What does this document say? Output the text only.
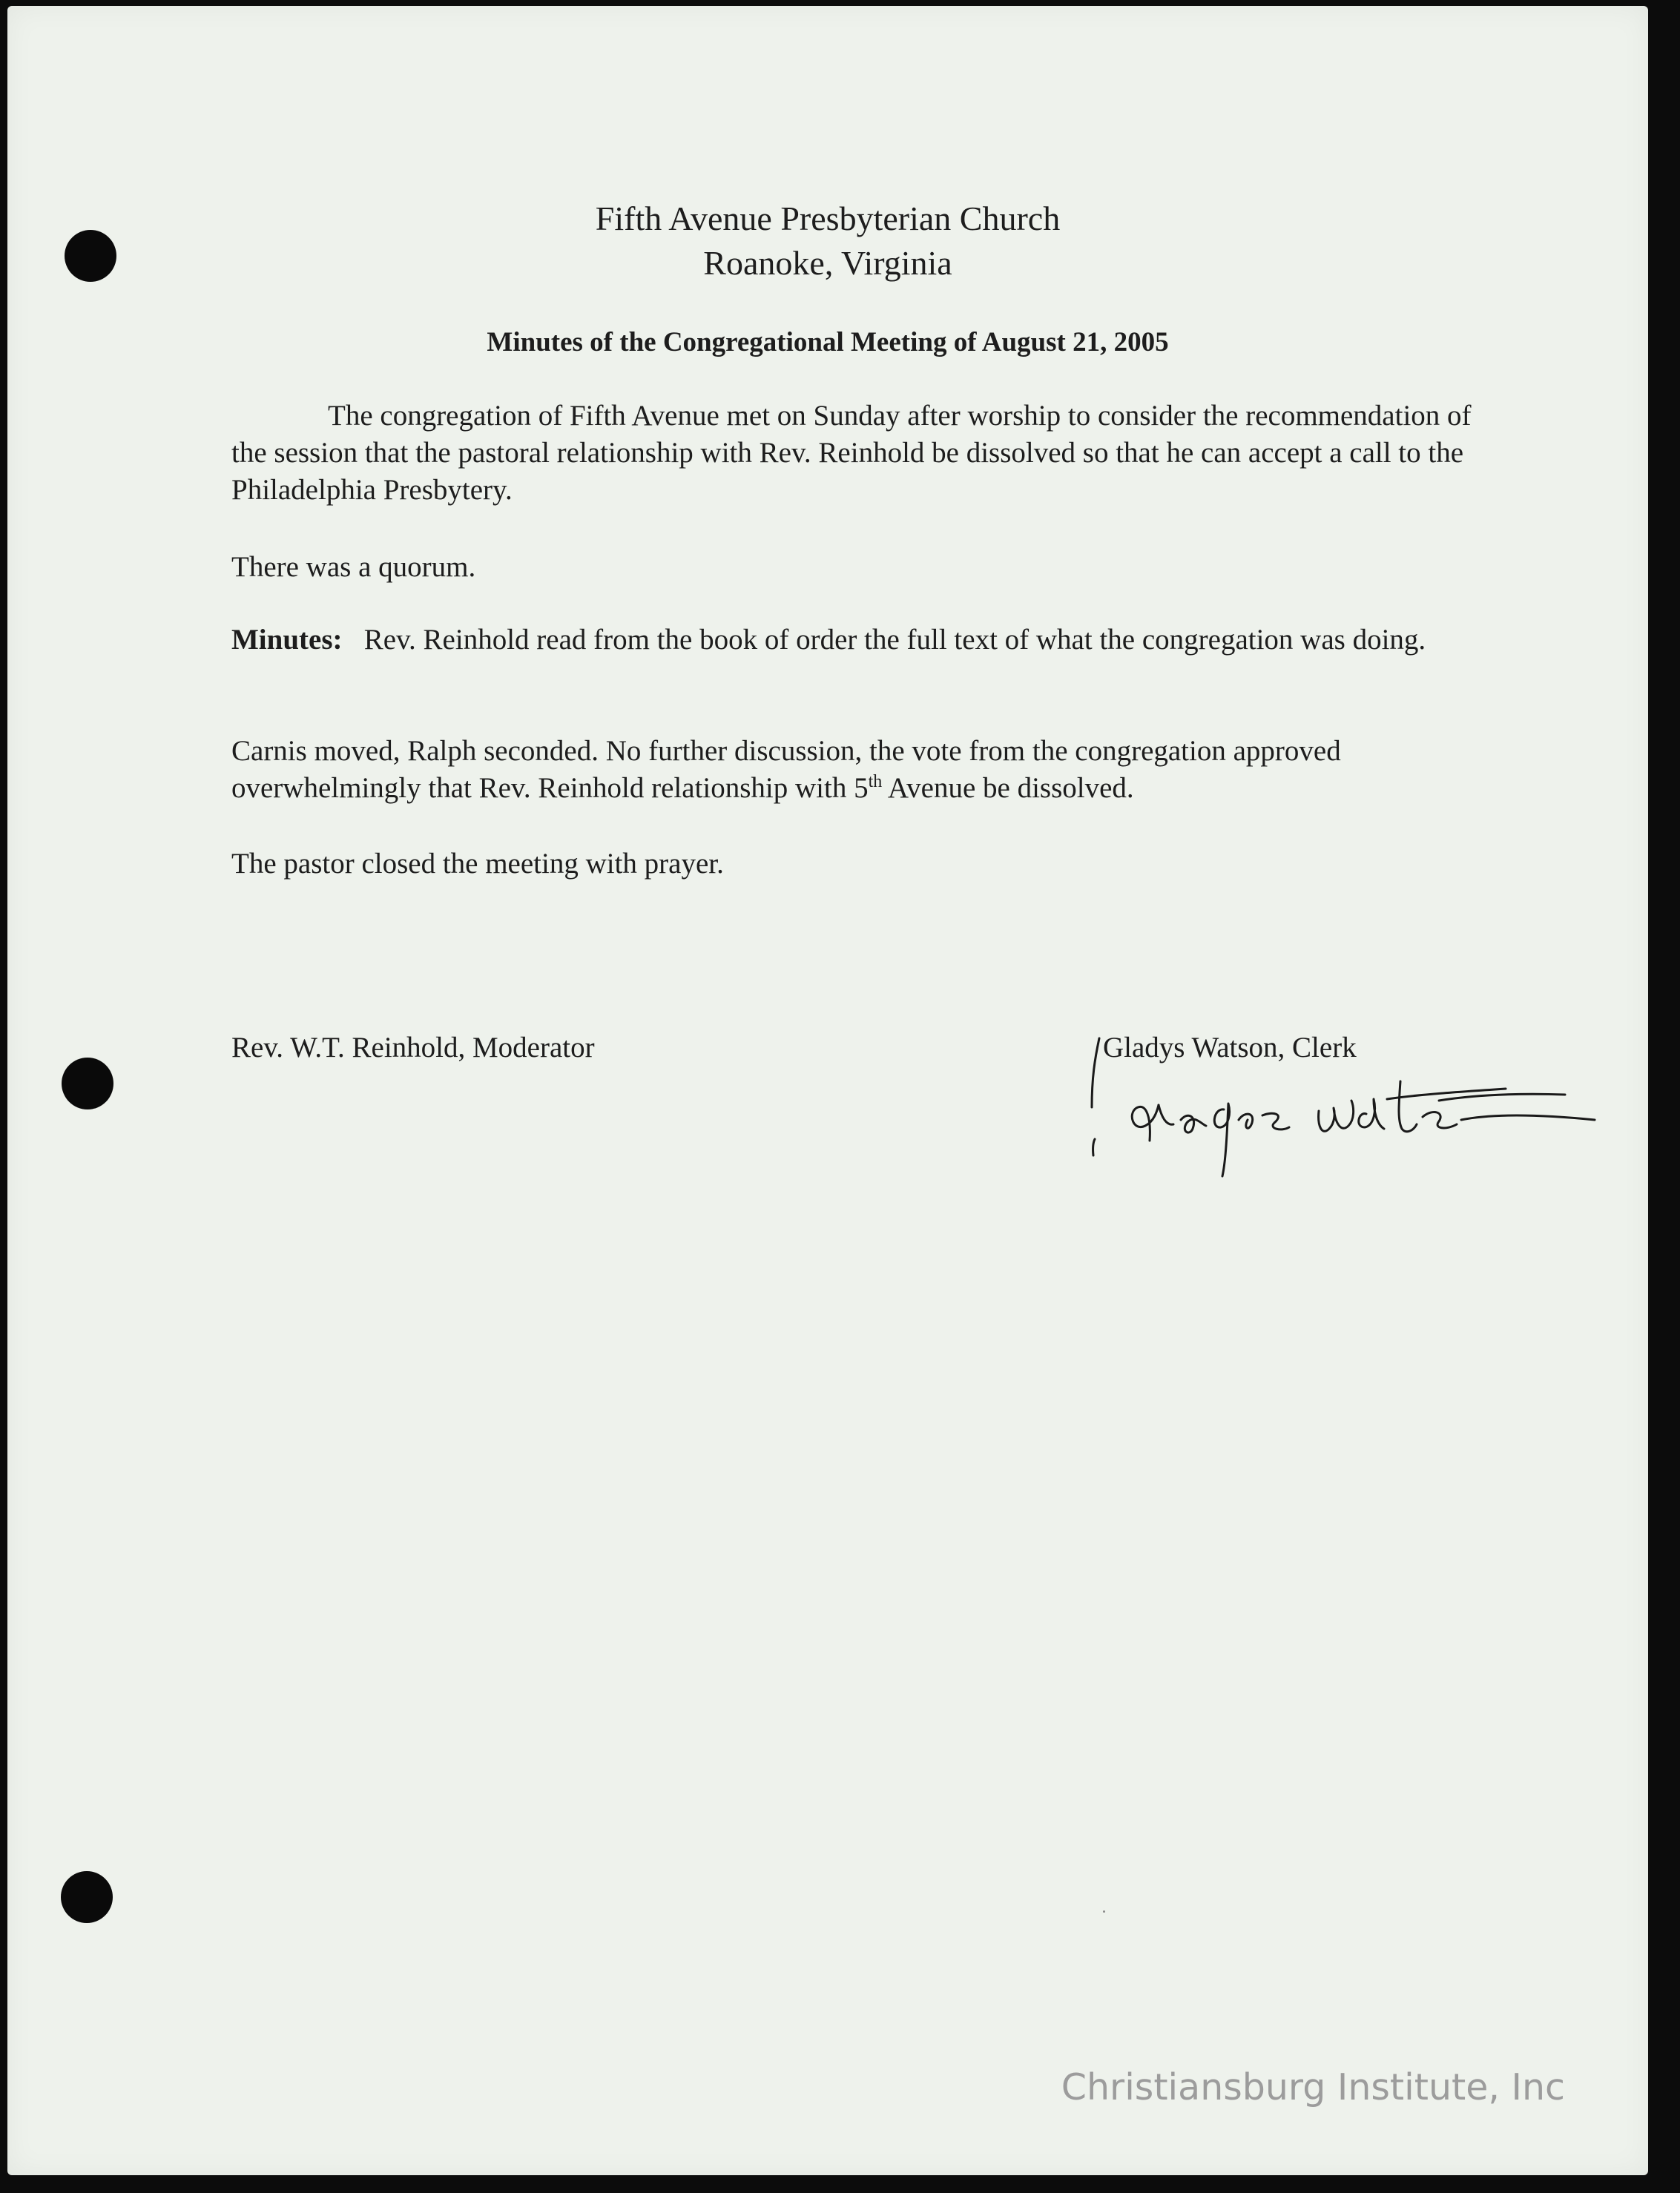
Fifth Avenue Presbyterian Church
Roanoke, Virginia
Minutes of the Congregational Meeting of August 21, 2005

The congregation of Fifth Avenue met on Sunday after worship to consider the recommendation of the session that the pastoral relationship with Rev. Reinhold be dissolved so that he can accept a call to the Philadelphia Presbytery.

There was a quorum.

Minutes: Rev. Reinhold read from the book of order the full text of what the congregation was doing.

Carnis moved, Ralph seconded. No further discussion, the vote from the congregation approved overwhelmingly that Rev. Reinhold relationship with 5th Avenue be dissolved.

The pastor closed the meeting with prayer.

Rev. W.T. Reinhold, Moderator	Gladys Watson, Clerk
Christiansburg Institute, Inc
